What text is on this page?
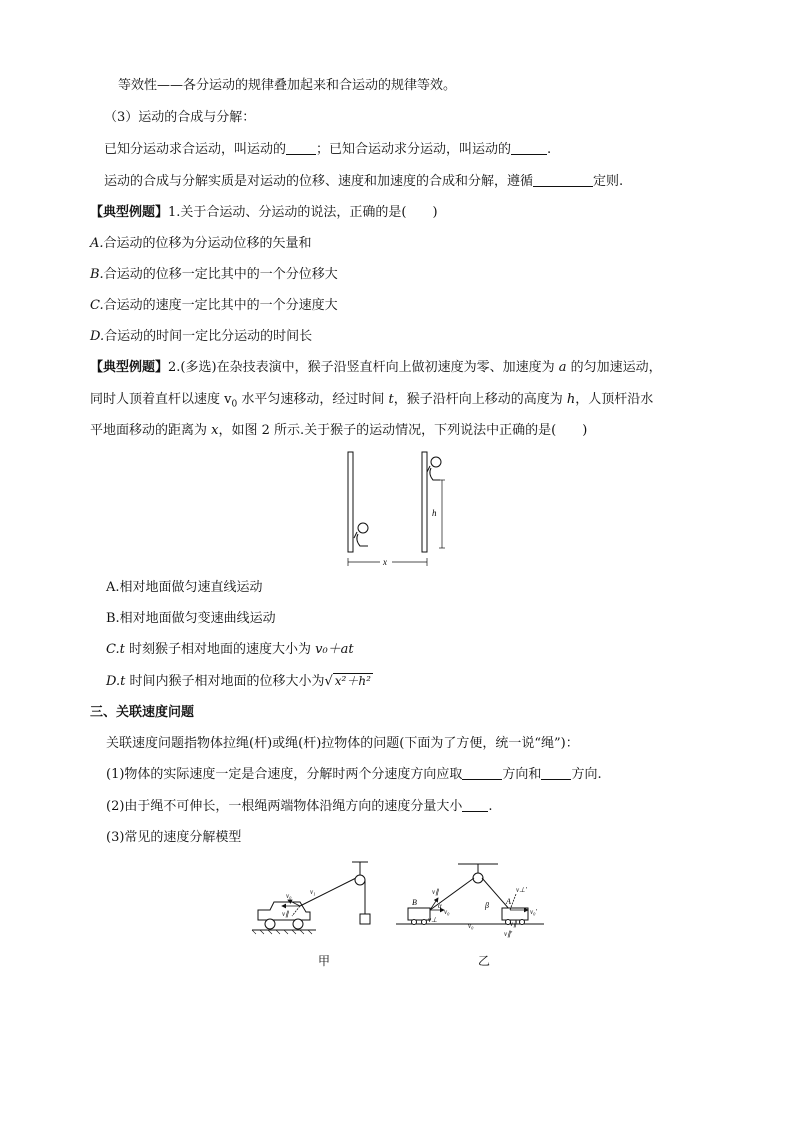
等效性——各分运动的规律叠加起来和合运动的规律等效。
（3）运动的合成与分解：
已知分运动求合运动，叫运动的 ；已知合运动求分运动，叫运动的	.
运动的合成与分解实质是对运动的位移、速度和加速度的合成和分解，遵循	定则.
【典型例题】1.关于合运动、分运动的说法，正确的是(　　)
A.合运动的位移为分运动位移的矢量和
B.合运动的位移一定比其中的一个分位移大
C.合运动的速度一定比其中的一个分速度大
D.合运动的时间一定比分运动的时间长
【典型例题】2.(多选)在杂技表演中，猴子沿竖直杆向上做初速度为零、加速度为 a 的匀加速运动，
同时人顶着直杆以速度 $v_0$ 水平匀速移动，经过时间 t，猴子沿杆向上移动的高度为 h，人顶杆沿水
平地面移动的距离为 x，如图 2 所示.关于猴子的运动情况，下列说法中正确的是(　　)
h
x
A.相对地面做匀速直线运动
B.相对地面做匀变速曲线运动
C.t 时刻猴子相对地面的速度大小为 v₀＋at
D.t 时间内猴子相对地面的位移大小为√ x²＋h²
三、关联速度问题
关联速度问题指物体拉绳(杆)或绳(杆)拉物体的问题(下面为了方便，统一说“绳”)：
(1)物体的实际速度一定是合速度，分解时两个分速度方向应取	方向和 方向.
(2)由于绳不可伸长，一根绳两端物体沿绳方向的速度分量大小 .
(3)常见的速度分解模型
v₀	v₁
v∥
B	A
β
α
v₀
v∥
v⊥
v⊥'
v₀'
v∥'
v∥
v₀
甲	乙
